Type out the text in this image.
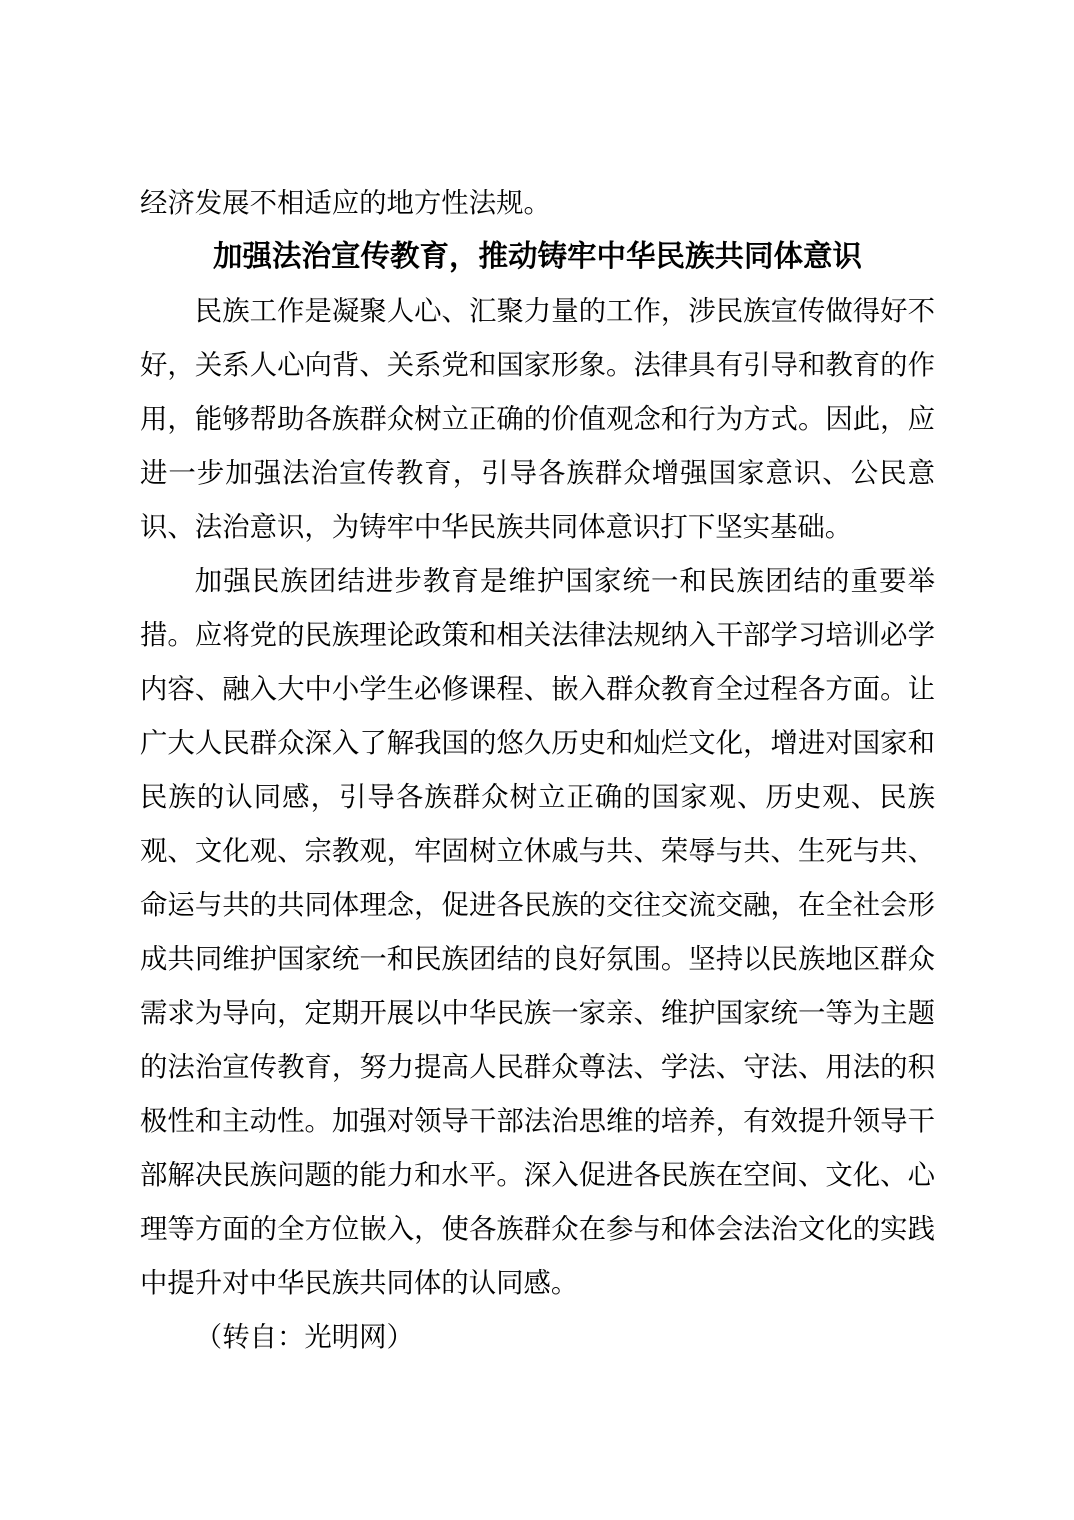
经济发展不相适应的地方性法规。

加强法治宣传教育，推动铸牢中华民族共同体意识

民族工作是凝聚人心、汇聚力量的工作，涉民族宣传做得好不好，关系人心向背、关系党和国家形象。法律具有引导和教育的作用，能够帮助各族群众树立正确的价值观念和行为方式。因此，应进一步加强法治宣传教育，引导各族群众增强国家意识、公民意识、法治意识，为铸牢中华民族共同体意识打下坚实基础。

加强民族团结进步教育是维护国家统一和民族团结的重要举措。应将党的民族理论政策和相关法律法规纳入干部学习培训必学内容、融入大中小学生必修课程、嵌入群众教育全过程各方面。让广大人民群众深入了解我国的悠久历史和灿烂文化，增进对国家和民族的认同感，引导各族群众树立正确的国家观、历史观、民族观、文化观、宗教观，牢固树立休戚与共、荣辱与共、生死与共、命运与共的共同体理念，促进各民族的交往交流交融，在全社会形成共同维护国家统一和民族团结的良好氛围。坚持以民族地区群众需求为导向，定期开展以中华民族一家亲、维护国家统一等为主题的法治宣传教育，努力提高人民群众尊法、学法、守法、用法的积极性和主动性。加强对领导干部法治思维的培养，有效提升领导干部解决民族问题的能力和水平。深入促进各民族在空间、文化、心理等方面的全方位嵌入，使各族群众在参与和体会法治文化的实践中提升对中华民族共同体的认同感。

（转自：光明网）
